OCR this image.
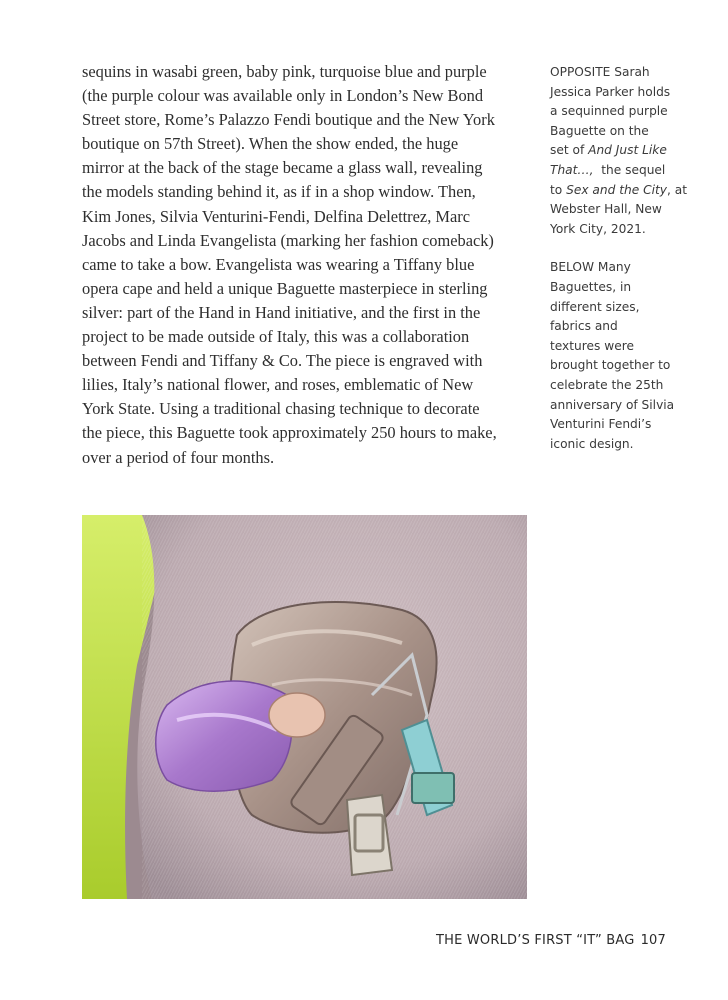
sequins in wasabi green, baby pink, turquoise blue and purple
(the purple colour was available only in London’s New Bond
Street store, Rome’s Palazzo Fendi boutique and the New York
boutique on 57th Street). When the show ended, the huge
mirror at the back of the stage became a glass wall, revealing
the models standing behind it, as if in a shop window. Then,
Kim Jones, Silvia Venturini-Fendi, Delfina Delettrez, Marc
Jacobs and Linda Evangelista (marking her fashion comeback)
came to take a bow. Evangelista was wearing a Tiffany blue
opera cape and held a unique Baguette masterpiece in sterling
silver: part of the Hand in Hand initiative, and the first in the
project to be made outside of Italy, this was a collaboration
between Fendi and Tiffany & Co. The piece is engraved with
lilies, Italy’s national flower, and roses, emblematic of New
York State. Using a traditional chasing technique to decorate
the piece, this Baguette took approximately 250 hours to make,
over a period of four months.
OPPOSITE Sarah
Jessica Parker holds
a sequinned purple
Baguette on the
set of And Just Like
That…,  the sequel
to Sex and the City, at
Webster Hall, New
York City, 2021.
BELOW Many
Baguettes, in
different sizes,
fabrics and
textures were
brought together to
celebrate the 25th
anniversary of Silvia
Venturini Fendi’s
iconic design.
THE WORLD’S FIRST “IT” BAG 107
